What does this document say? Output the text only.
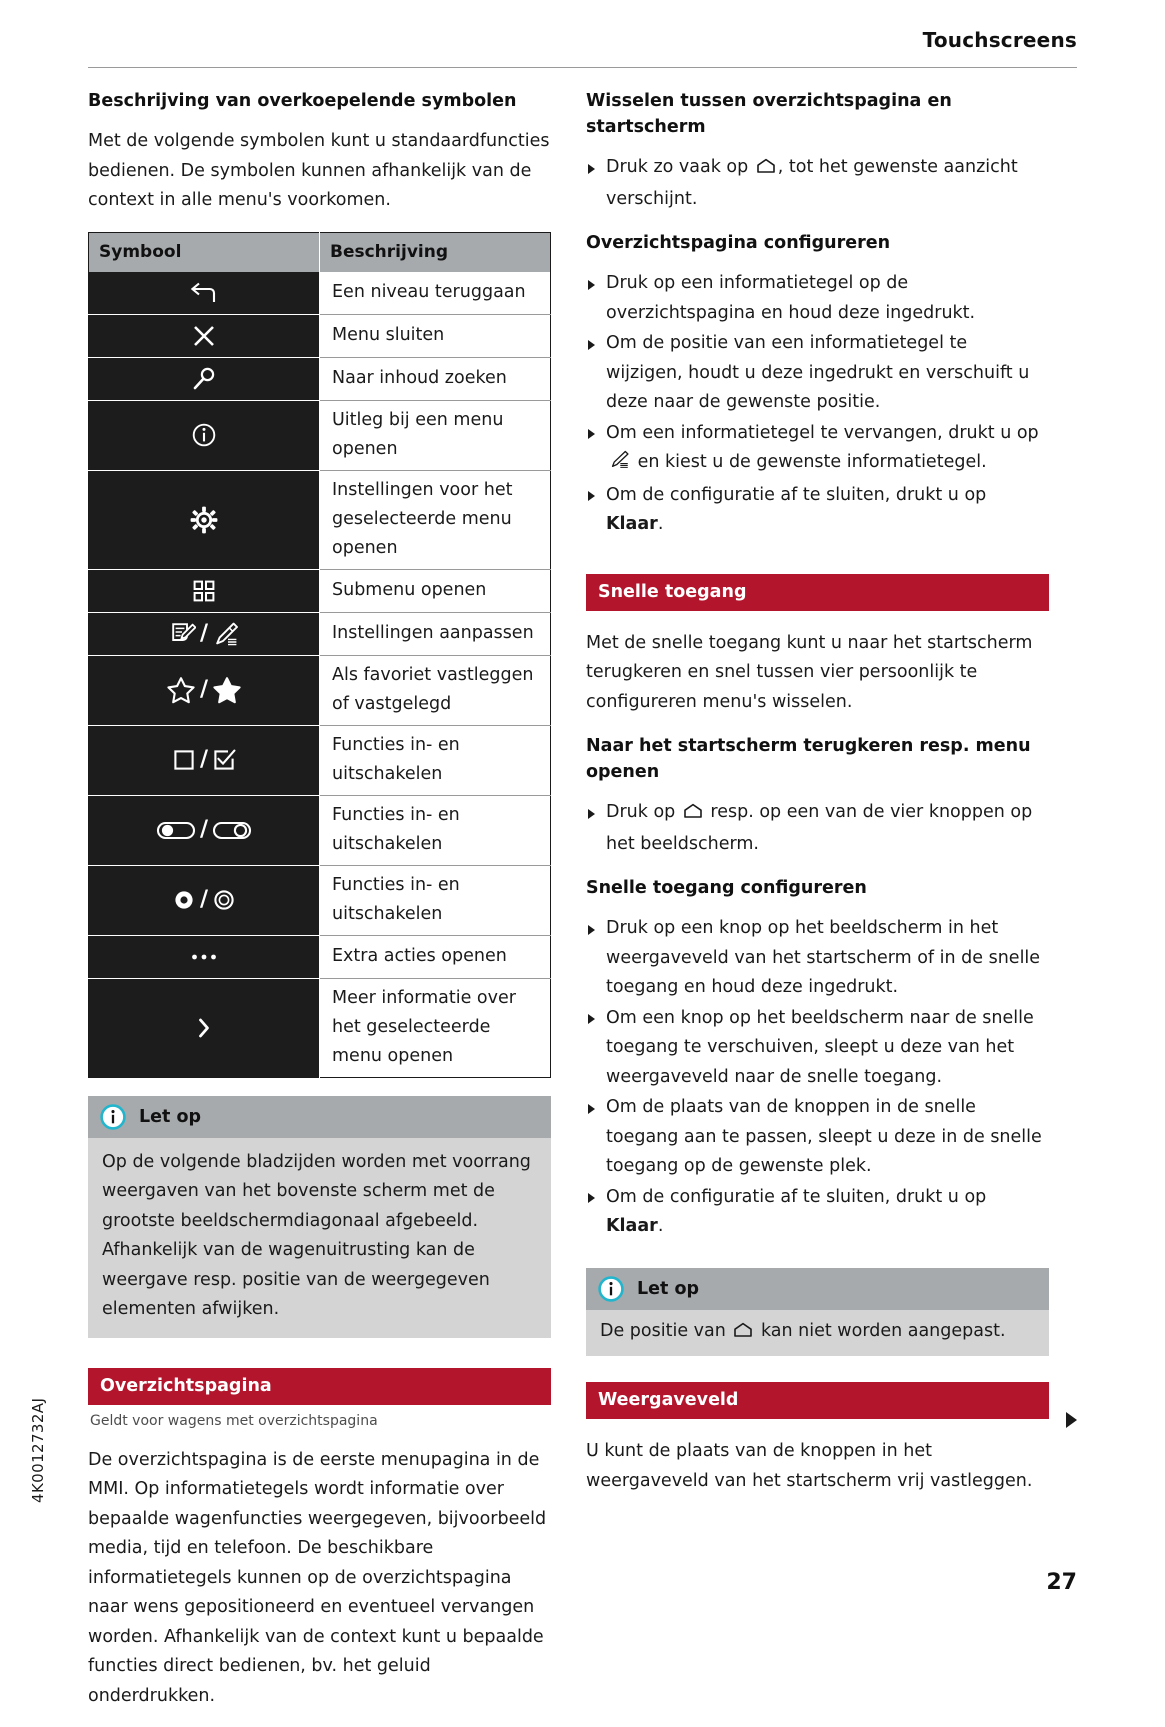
Touchscreens
Beschrijving van overkoepelende symbolen

Met de volgende symbolen kunt u standaardfuncties bedienen. De symbolen kunnen afhankelijk van de context in alle menu's voorkomen.

Symbool	Beschrijving

	Een niveau teruggaan

	Menu sluiten

	Naar inhoud zoeken

	Uitleg bij een menu openen

	Instellingen voor het geselecteerde menu openen

	Submenu openen

/	Instellingen aanpassen

/	Als favoriet vastleggen of vastgelegd

/	Functies in- en uitschakelen

/	Functies in- en uitschakelen

/	Functies in- en uitschakelen

	Extra acties openen

	Meer informatie over het geselecteerde menu openen
Let op
Op de volgende bladzijden worden met voorrang weergaven van het bovenste scherm met de grootste beeldschermdiagonaal afgebeeld. Afhankelijk van de wagenuitrusting kan de weergave resp. positie van de weergegeven elementen afwijken.
Overzichtspagina
Geldt voor wagens met overzichtspagina

De overzichtspagina is de eerste menupagina in de MMI. Op informatietegels wordt informatie over bepaalde wagenfuncties weergegeven, bijvoorbeeld media, tijd en telefoon. De beschikbare informatietegels kunnen op de overzichtspagina naar wens gepositioneerd en eventueel vervangen worden. Afhankelijk van de context kunt u bepaalde functies direct bedienen, bv. het geluid onderdrukken.

Wisselen tussen overzichtspagina en startscherm
Druk zo vaak op , tot het gewenste aanzicht verschijnt.
Overzichtspagina configureren
Druk op een informatietegel op de overzichtspagina en houd deze ingedrukt.
Om de positie van een informatietegel te wijzigen, houdt u deze ingedrukt en verschuift u deze naar de gewenste positie.
Om een informatietegel te vervangen, drukt u op  en kiest u de gewenste informatietegel.
Om de configuratie af te sluiten, drukt u op Klaar.
Snelle toegang

Met de snelle toegang kunt u naar het startscherm terugkeren en snel tussen vier persoonlijk te configureren menu's wisselen.

Naar het startscherm terugkeren resp. menu openen
Druk op  resp. op een van de vier knoppen op het beeldscherm.
Snelle toegang configureren
Druk op een knop op het beeldscherm in het weergaveveld van het startscherm of in de snelle toegang en houd deze ingedrukt.
Om een knop op het beeldscherm naar de snelle toegang te verschuiven, sleept u deze van het weergaveveld naar de snelle toegang.
Om de plaats van de knoppen in de snelle toegang aan te passen, sleept u deze in de snelle toegang op de gewenste plek.
Om de configuratie af te sluiten, drukt u op Klaar.
Let op
De positie van  kan niet worden aangepast.
Weergaveveld

U kunt de plaats van de knoppen in het weergaveveld van het startscherm vrij vastleggen.

4K0012732AJ
27
